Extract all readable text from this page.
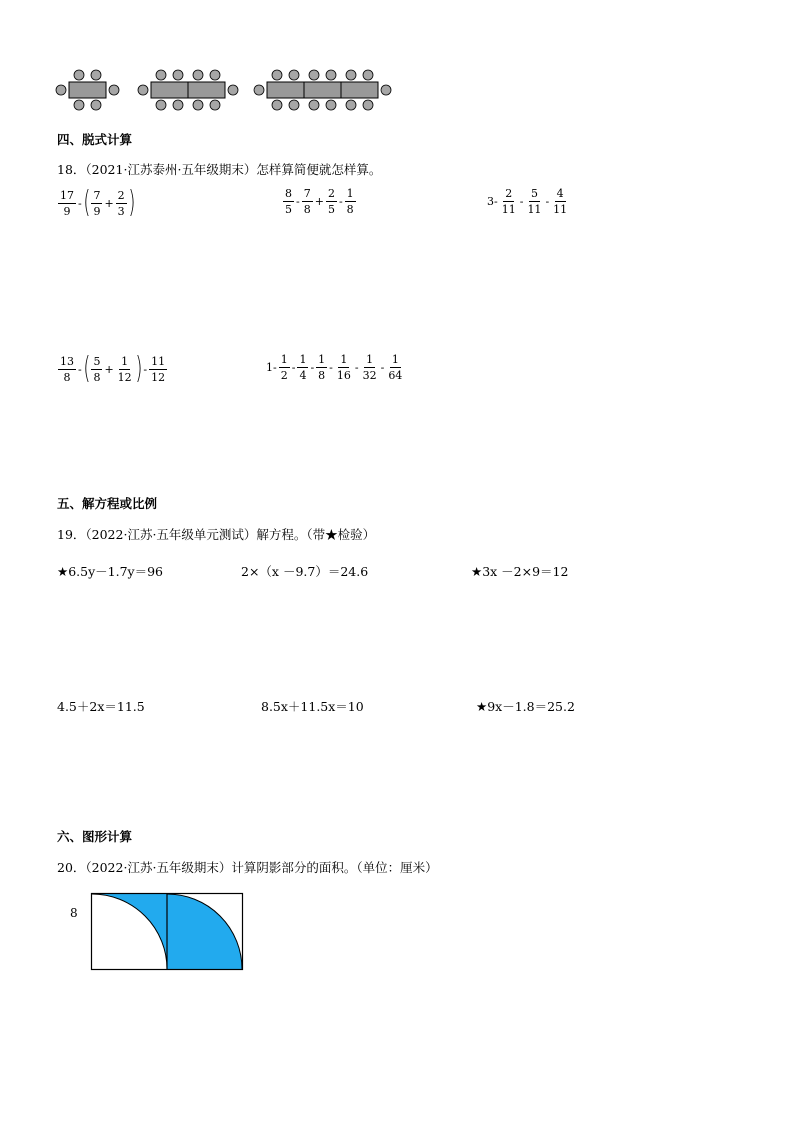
四、脱式计算
18．（2021·江苏泰州·五年级期末）怎样算简便就怎样算。
$\frac{17}{9}$ - ( $\frac{7}{9} + \frac{2}{3}$ )	$\frac{8}{5} - \frac{7}{8} + \frac{2}{5} - \frac{1}{8}$	$3- \frac{2}{11} - \frac{5}{11} - \frac{4}{11}$
$\frac{13}{8}$ - ( $\frac{5}{8} + \frac{1}{12}$ ) - $\frac{11}{12}$	$1- \frac{1}{2} - \frac{1}{4} - \frac{1}{8} - \frac{1}{16} - \frac{1}{32} - \frac{1}{64}$
五、解方程或比例
19．（2022·江苏·五年级单元测试）解方程。（带★检验）
★6.5y－1.7y＝96	2×（x －9.7）＝24.6	★3x －2×9＝12
4.5＋2x＝11.5	8.5x＋11.5x＝10	★9x－1.8＝25.2
六、图形计算
20．（2022·江苏·五年级期末）计算阴影部分的面积。（单位：厘米）
8
